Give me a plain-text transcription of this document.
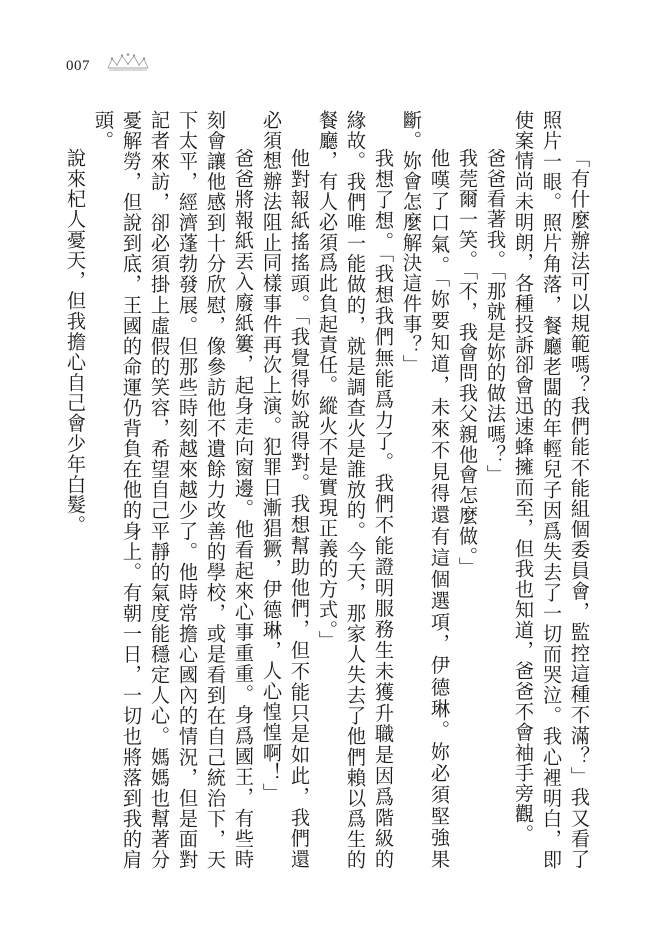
007

「有什麼辦法可以規範嗎？我們能不能組個委員會，監控這種不滿？」我又看了照片一眼。照片角落，餐廳老闆的年輕兒子因爲失去了一切而哭泣。我心裡明白，即使案情尚未明朗，各種投訴卻會迅速蜂擁而至，但我也知道，爸爸不會袖手旁觀。

爸爸看著我。「那就是妳的做法嗎？」

我莞爾一笑。「不，我會問我父親他會怎麼做。」

他嘆了口氣。「妳要知道，未來不見得還有這個選項，伊德琳。妳必須堅強果斷。妳會怎麼解決這件事？」

我想了想。「我想我們無能爲力了。我們不能證明服務生未獲升職是因爲階級的緣故。我們唯一能做的，就是調查火是誰放的。今天，那家人失去了他們賴以爲生的餐廳，有人必須爲此負起責任。縱火不是實現正義的方式。」

他對報紙搖搖頭。「我覺得妳說得對。我想幫助他們，但不能只是如此，我們還必須想辦法阻止同樣事件再次上演。犯罪日漸猖獗，伊德琳，人心惶惶啊！」

爸爸將報紙丟入廢紙簍，起身走向窗邊。他看起來心事重重。身爲國王，有些時刻會讓他感到十分欣慰，像參訪他不遺餘力改善的學校，或是看到在自己統治下，天下太平，經濟蓬勃發展。但那些時刻越來越少了。他時常擔心國內的情況，但是面對記者來訪，卻必須掛上虛假的笑容，希望自己平靜的氣度能穩定人心。媽媽也幫著分憂解勞，但說到底，王國的命運仍背負在他的身上。有朝一日，一切也將落到我的肩頭。

說來杞人憂天，但我擔心自己會少年白髮。
